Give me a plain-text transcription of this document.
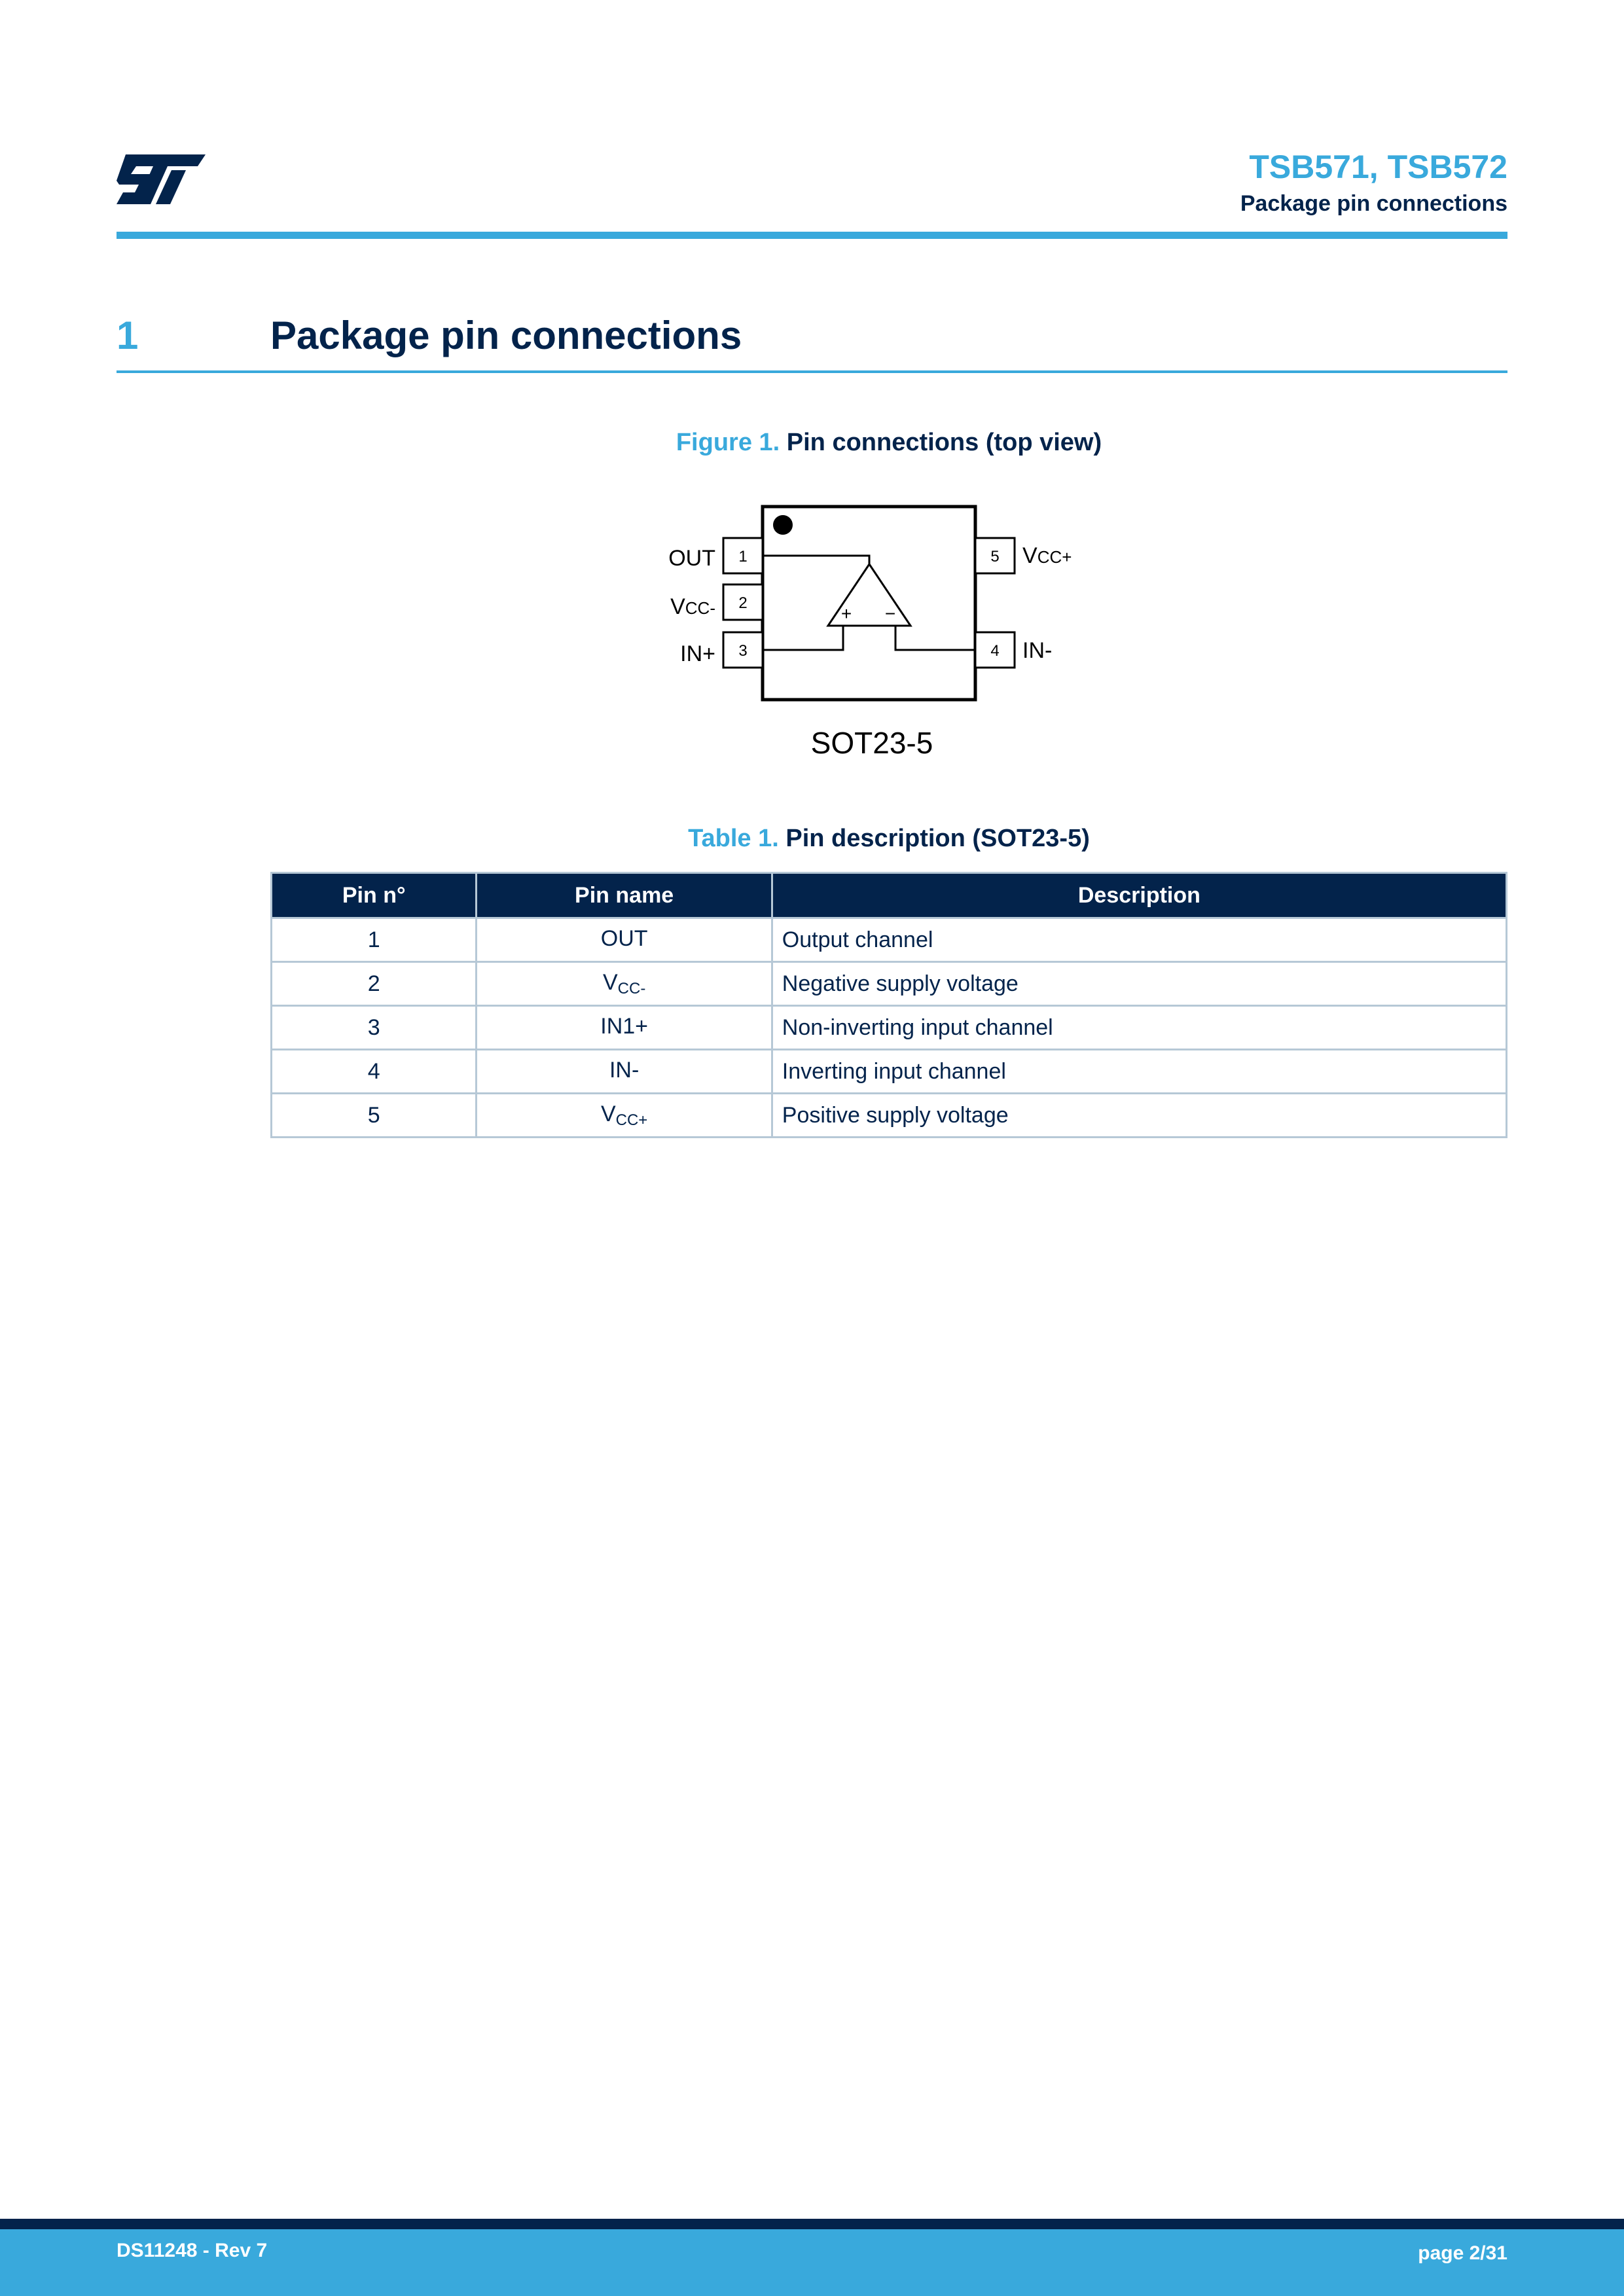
TSB571, TSB572
Package pin connections
1	Package pin connections
Figure 1. Pin connections (top view)
1
2
3
5
4
OUT
VCC-
IN+
VCC+
IN-
+ −
SOT23-5
Table 1. Pin description (SOT23-5)
Pin n°	Pin name	Description
1	OUT	Output channel
2	$V_{CC-}$	Negative supply voltage
3	IN1+	Non-inverting input channel
4	IN-	Inverting input channel
5	$V_{CC+}$	Positive supply voltage
DS11248 - Rev 7	page 2/31
